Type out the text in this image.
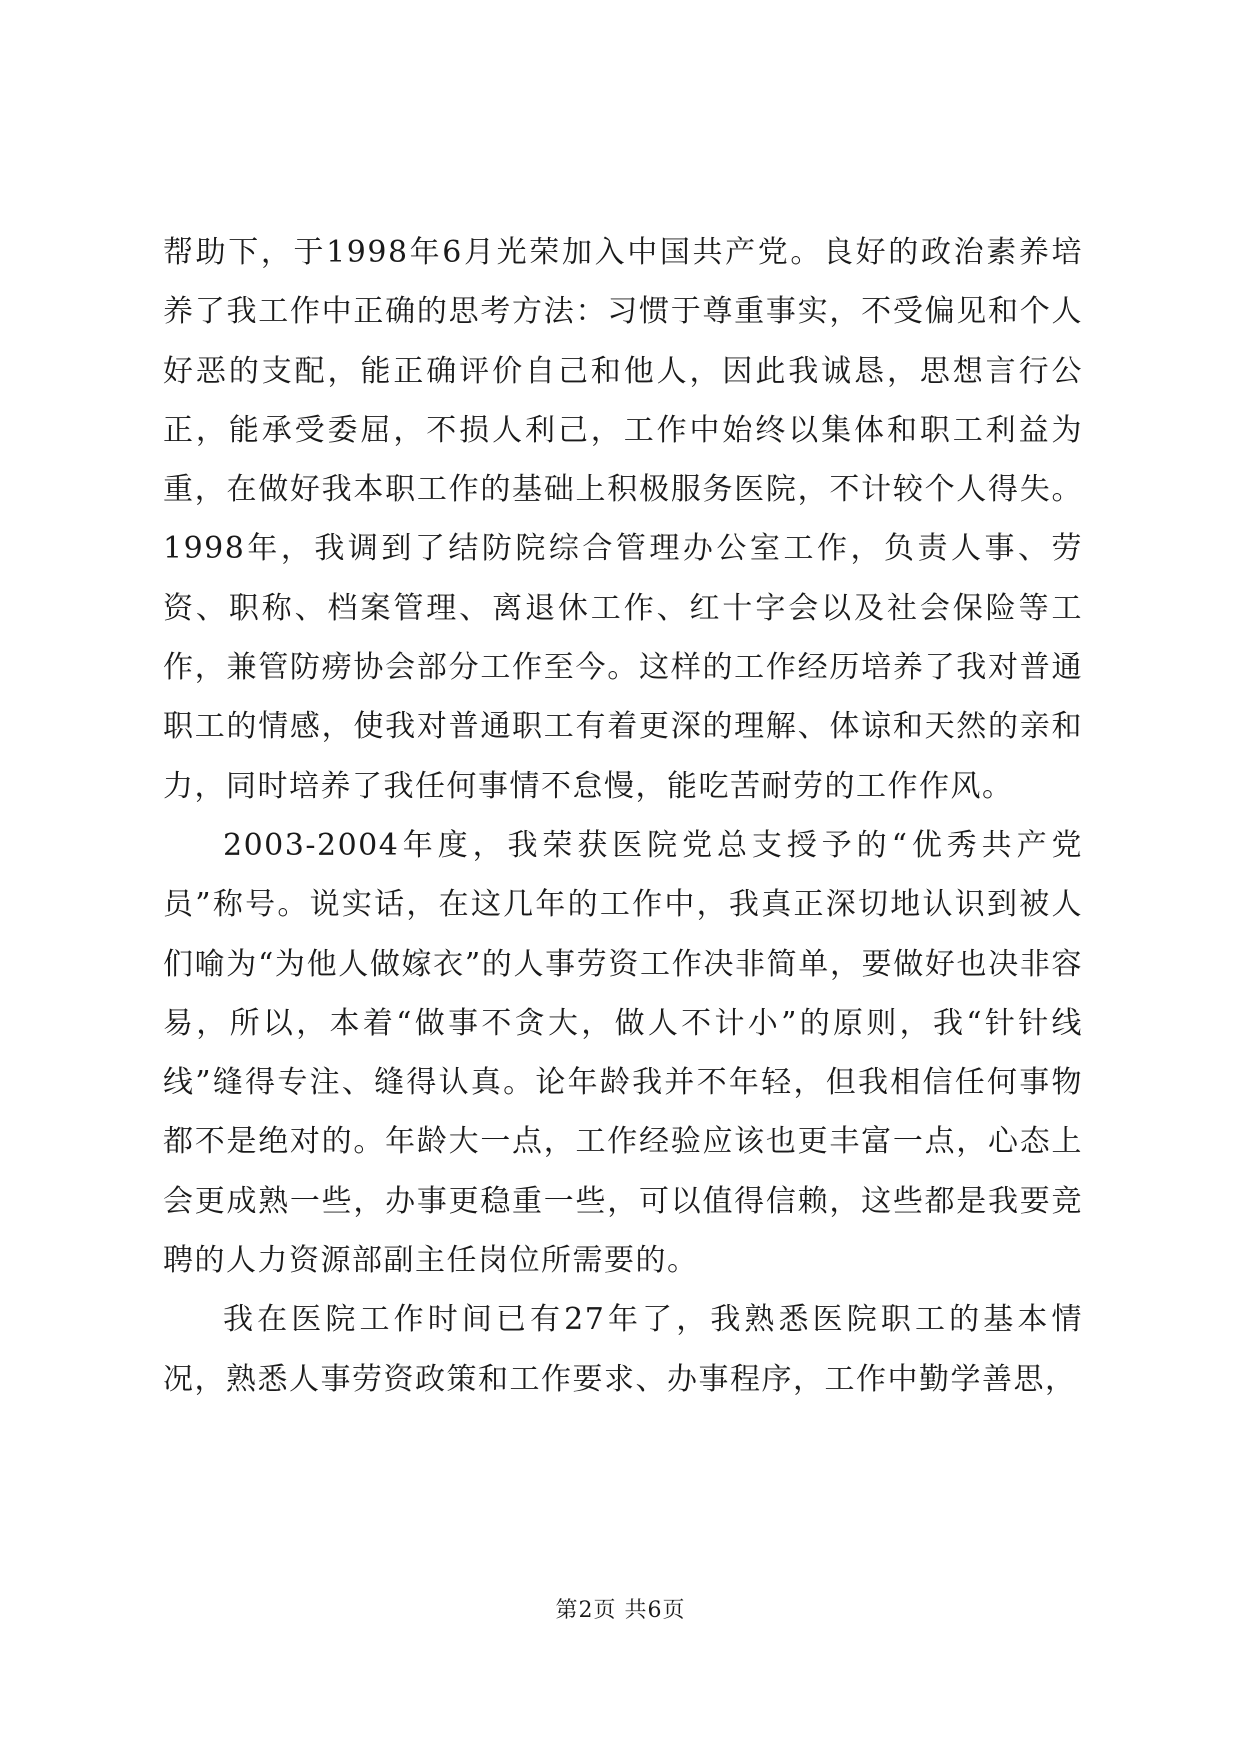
帮助下，于1998年6月光荣加入中国共产党。良好的政治素养培养了我工作中正确的思考方法：习惯于尊重事实，不受偏见和个人好恶的支配，能正确评价自己和他人，因此我诚恳，思想言行公正，能承受委屈，不损人利己，工作中始终以集体和职工利益为重，在做好我本职工作的基础上积极服务医院，不计较个人得失。1998年，我调到了结防院综合管理办公室工作，负责人事、劳资、职称、档案管理、离退休工作、红十字会以及社会保险等工作，兼管防痨协会部分工作至今。这样的工作经历培养了我对普通职工的情感，使我对普通职工有着更深的理解、体谅和天然的亲和力，同时培养了我任何事情不怠慢，能吃苦耐劳的工作作风。

2003-2004年度，我荣获医院党总支授予的“优秀共产党员”称号。说实话，在这几年的工作中，我真正深切地认识到被人们喻为“为他人做嫁衣”的人事劳资工作决非简单，要做好也决非容易，所以，本着“做事不贪大，做人不计小”的原则，我“针针线线”缝得专注、缝得认真。论年龄我并不年轻，但我相信任何事物都不是绝对的。年龄大一点，工作经验应该也更丰富一点，心态上会更成熟一些，办事更稳重一些，可以值得信赖，这些都是我要竞聘的人力资源部副主任岗位所需要的。

我在医院工作时间已有27年了，我熟悉医院职工的基本情况，熟悉人事劳资政策和工作要求、办事程序，工作中勤学善思，

第2页 共6页
